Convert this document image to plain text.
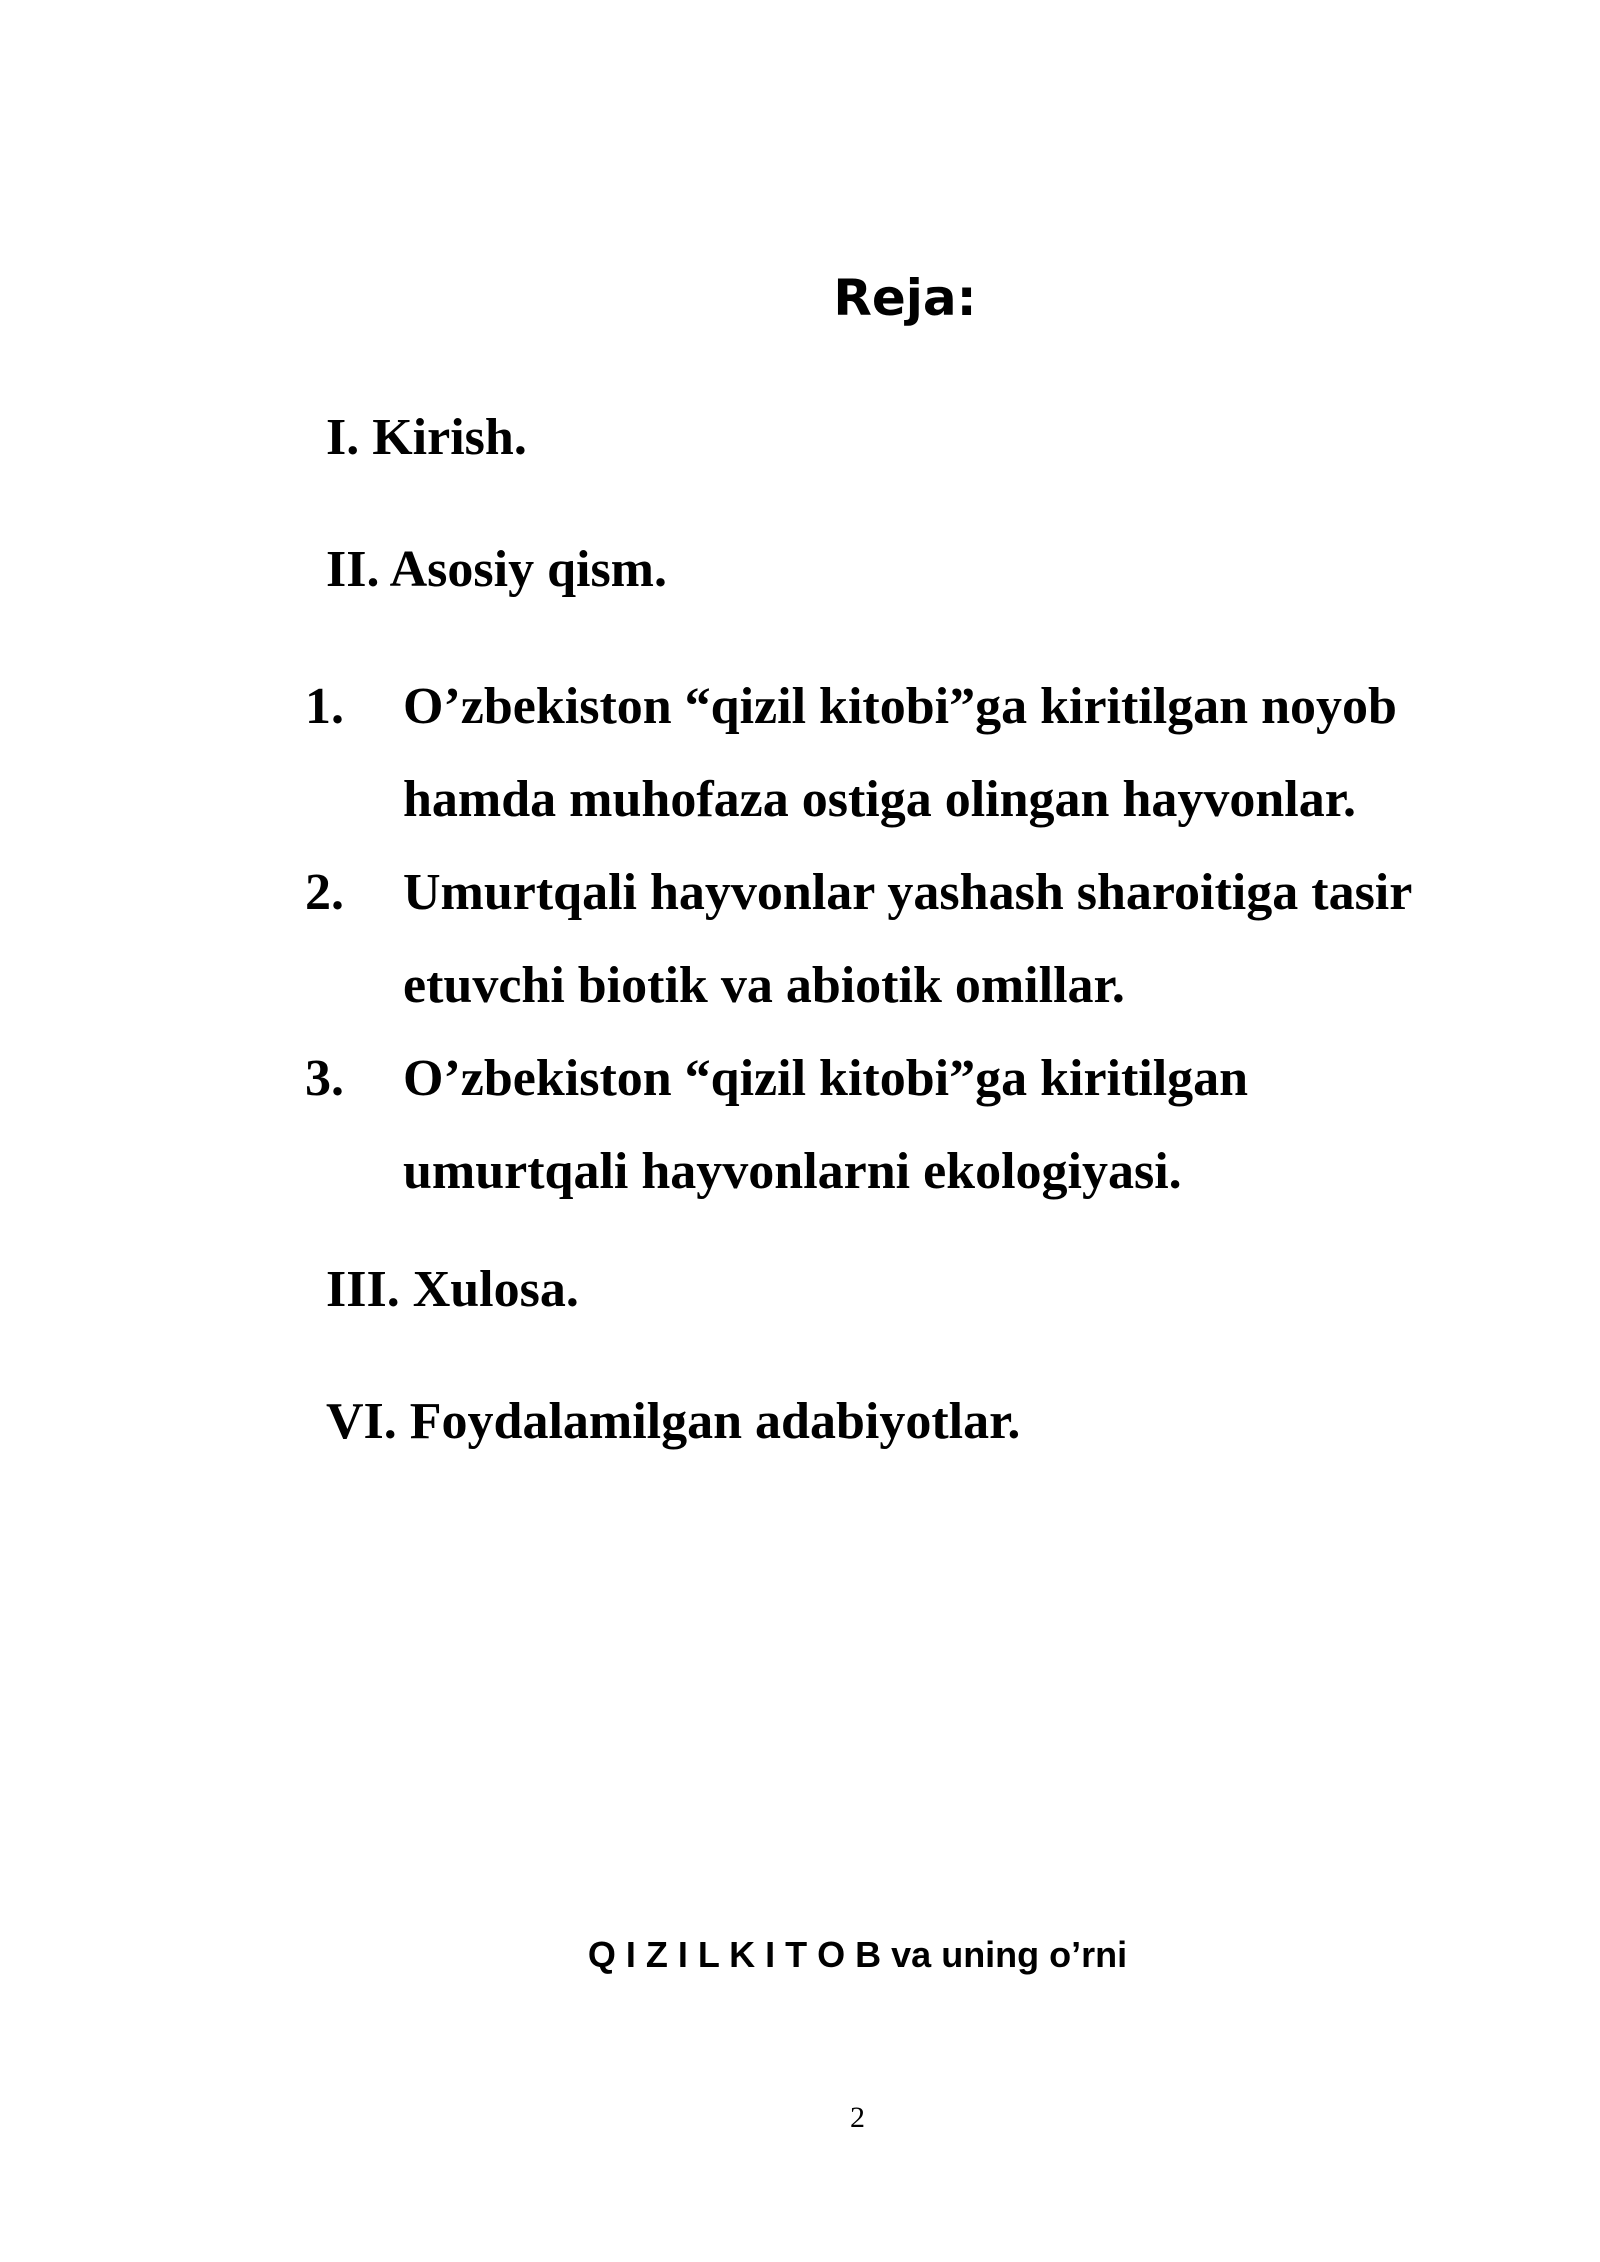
Reja:
I. Kirish.
II. Asosiy qism.
1. O’zbekiston “qizil kitobi”ga kiritilgan noyob hamda muhofaza ostiga olingan hayvonlar.
2. Umurtqali hayvonlar yashash sharoitiga tasir etuvchi biotik va abiotik omillar.
3. O’zbekiston “qizil kitobi”ga kiritilgan umurtqali hayvonlarni ekologiyasi.
III. Xulosa.
VI. Foydalamilgan adabiyotlar.
Q I Z I L K I T O B va uning o’rni
2
